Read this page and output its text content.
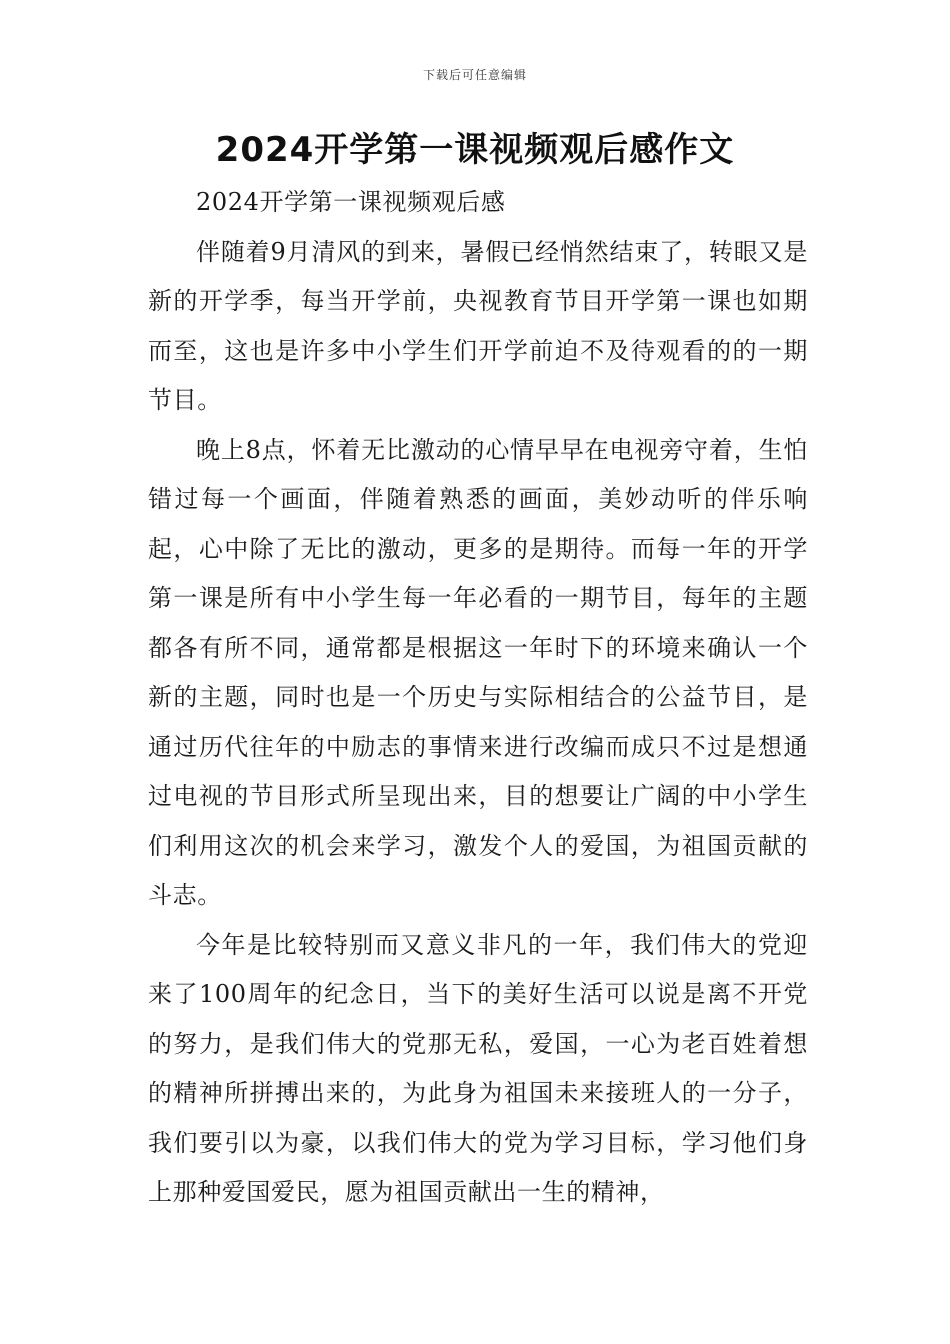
下载后可任意编辑
2024开学第一课视频观后感作文

2024开学第一课视频观后感

伴随着9月清风的到来，暑假已经悄然结束了，转眼又是新的开学季，每当开学前，央视教育节目开学第一课也如期而至，这也是许多中小学生们开学前迫不及待观看的的一期节目。

晚上8点，怀着无比激动的心情早早在电视旁守着，生怕错过每一个画面，伴随着熟悉的画面，美妙动听的伴乐响起，心中除了无比的激动，更多的是期待。而每一年的开学第一课是所有中小学生每一年必看的一期节目，每年的主题都各有所不同，通常都是根据这一年时下的环境来确认一个新的主题，同时也是一个历史与实际相结合的公益节目，是通过历代往年的中励志的事情来进行改编而成只不过是想通过电视的节目形式所呈现出来，目的想要让广阔的中小学生们利用这次的机会来学习，激发个人的爱国，为祖国贡献的斗志。

今年是比较特别而又意义非凡的一年，我们伟大的党迎来了100周年的纪念日，当下的美好生活可以说是离不开党的努力，是我们伟大的党那无私，爱国，一心为老百姓着想的精神所拼搏出来的，为此身为祖国未来接班人的一分子，我们要引以为豪，以我们伟大的党为学习目标，学习他们身上那种爱国爱民，愿为祖国贡献出一生的精神，
